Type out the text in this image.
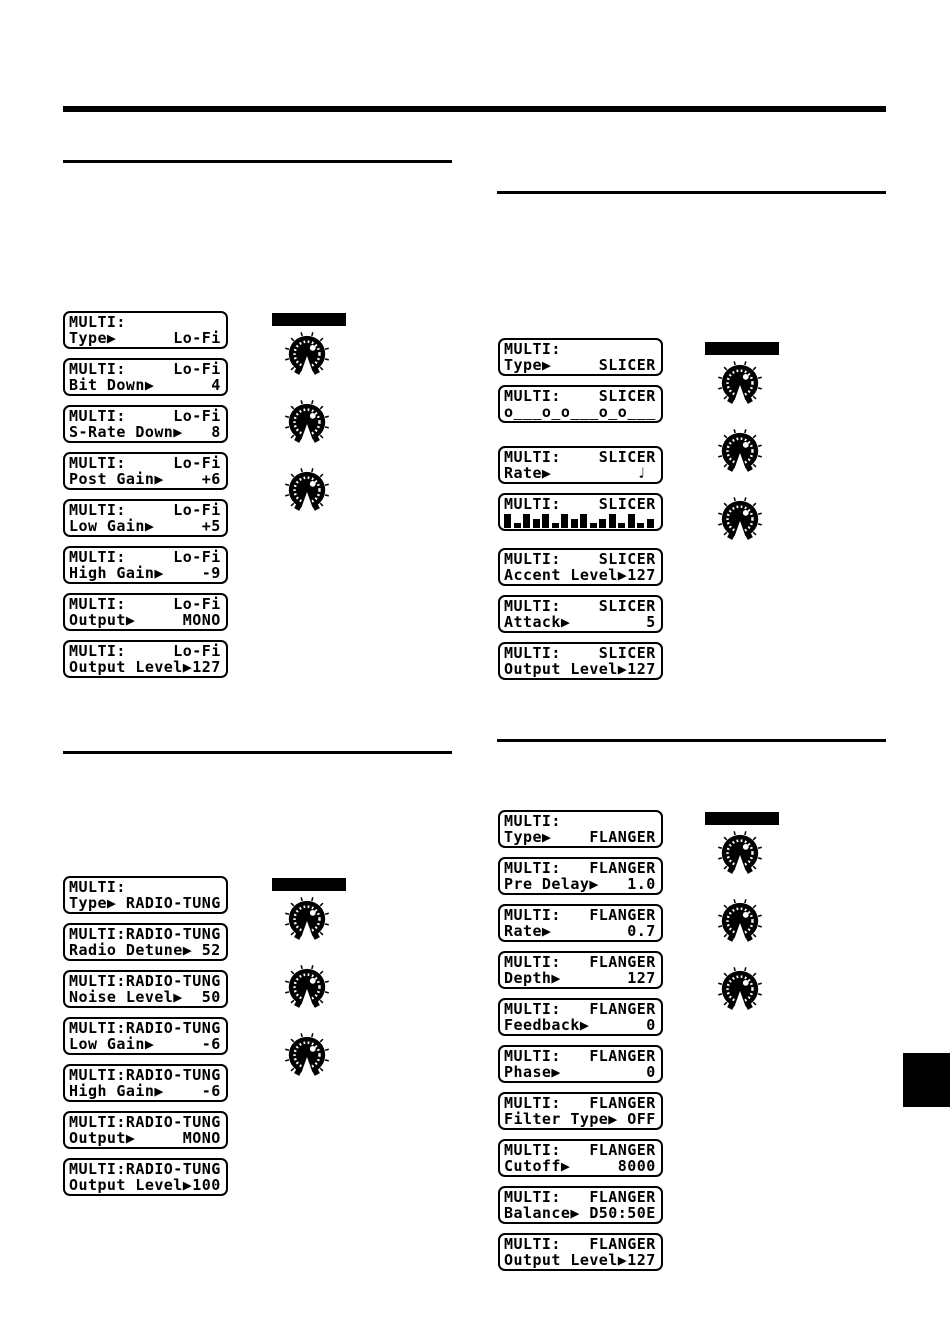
MULTI:
Type▶      Lo-Fi
MULTI:     Lo-Fi
Bit Down▶      4
MULTI:     Lo-Fi
S-Rate Down▶   8
MULTI:     Lo-Fi
Post Gain▶    +6
MULTI:     Lo-Fi
Low Gain▶     +5
MULTI:     Lo-Fi
High Gain▶    -9
MULTI:     Lo-Fi
Output▶     MONO
MULTI:     Lo-Fi
Output Level▶127
MULTI:
Type▶     SLICER
MULTI:    SLICER
o___o_o___o_o___
MULTI:    SLICER
Rate▶         ♩
MULTI:    SLICER
MULTI:    SLICER
Accent Level▶127
MULTI:    SLICER
Attack▶        5
MULTI:    SLICER
Output Level▶127
MULTI:
Type▶ RADIO-TUNG
MULTI:RADIO-TUNG
Radio Detune▶ 52
MULTI:RADIO-TUNG
Noise Level▶  50
MULTI:RADIO-TUNG
Low Gain▶     -6
MULTI:RADIO-TUNG
High Gain▶    -6
MULTI:RADIO-TUNG
Output▶     MONO
MULTI:RADIO-TUNG
Output Level▶100
MULTI:
Type▶    FLANGER
MULTI:   FLANGER
Pre Delay▶   1.0
MULTI:   FLANGER
Rate▶        0.7
MULTI:   FLANGER
Depth▶       127
MULTI:   FLANGER
Feedback▶      0
MULTI:   FLANGER
Phase▶         0
MULTI:   FLANGER
Filter Type▶ OFF
MULTI:   FLANGER
Cutoff▶     8000
MULTI:   FLANGER
Balance▶ D50:50E
MULTI:   FLANGER
Output Level▶127
